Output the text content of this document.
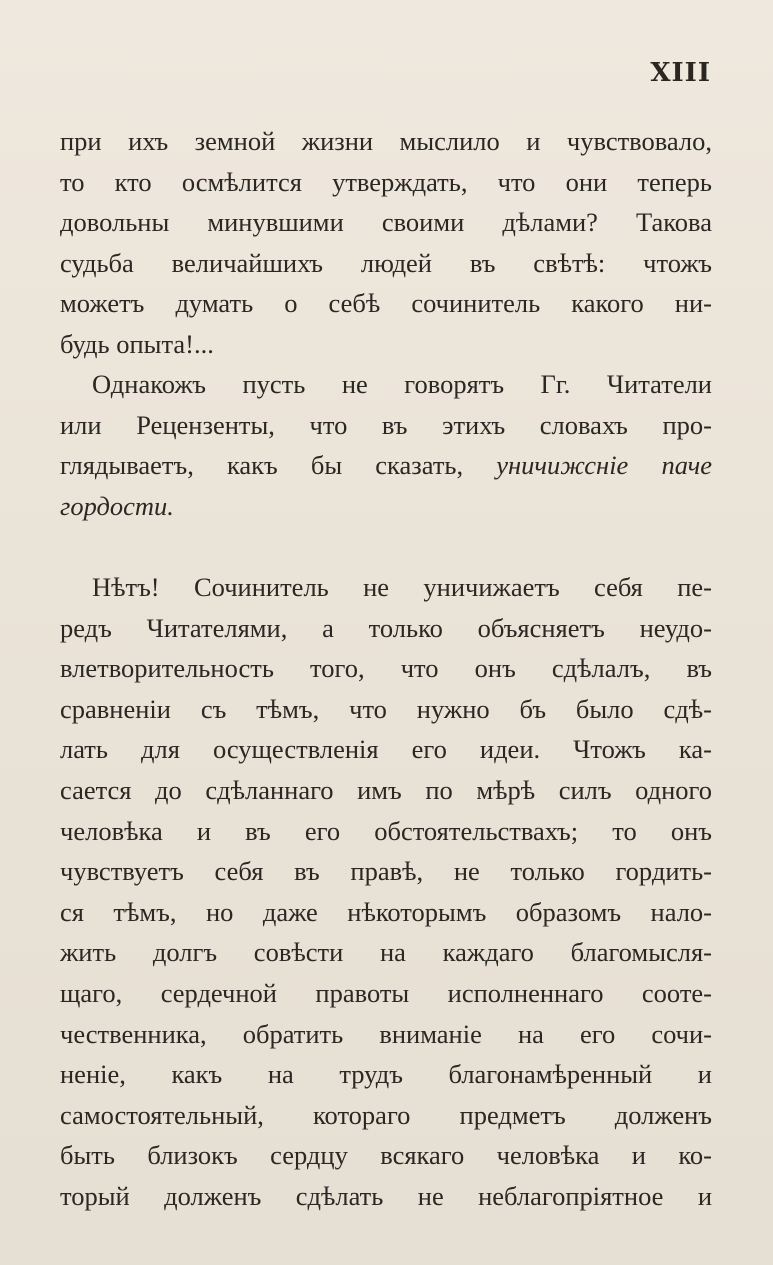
XIII
при ихъ земной жизни мыслило и чувствовало,
то кто осмѣлится утверждать, что они теперь
довольны минувшими своими дѣлами? Такова
судьба величайшихъ людей въ свѣтѣ: чтожъ
можетъ думать о себѣ сочинитель какого ни-
будь опыта!...
Однакожъ пусть не говорятъ Гг. Читатели
или Рецензенты, что въ этихъ словахъ про-
глядываетъ, какъ бы сказать, уничижсніе паче
гордости.
Нѣтъ! Сочинитель не уничижаетъ себя пе-
редъ Читателями, а только объясняетъ неудо-
влетворительность того, что онъ сдѣлалъ, въ
сравненіи съ тѣмъ, что нужно бъ было сдѣ-
лать для осуществленія его идеи. Чтожъ ка-
сается до сдѣланнаго имъ по мѣрѣ силъ одного
человѣка и въ его обстоятельствахъ; то онъ
чувствуетъ себя въ правѣ, не только гордить-
ся тѣмъ, но даже нѣкоторымъ образомъ нало-
жить долгъ совѣсти на каждаго благомысля-
щаго, сердечной правоты исполненнаго сооте-
чественника, обратить вниманіе на его сочи-
неніе, какъ на трудъ благонамѣренный и
самостоятельный, котораго предметъ долженъ
быть близокъ сердцу всякаго человѣка и ко-
торый долженъ сдѣлать не неблагопріятное и
